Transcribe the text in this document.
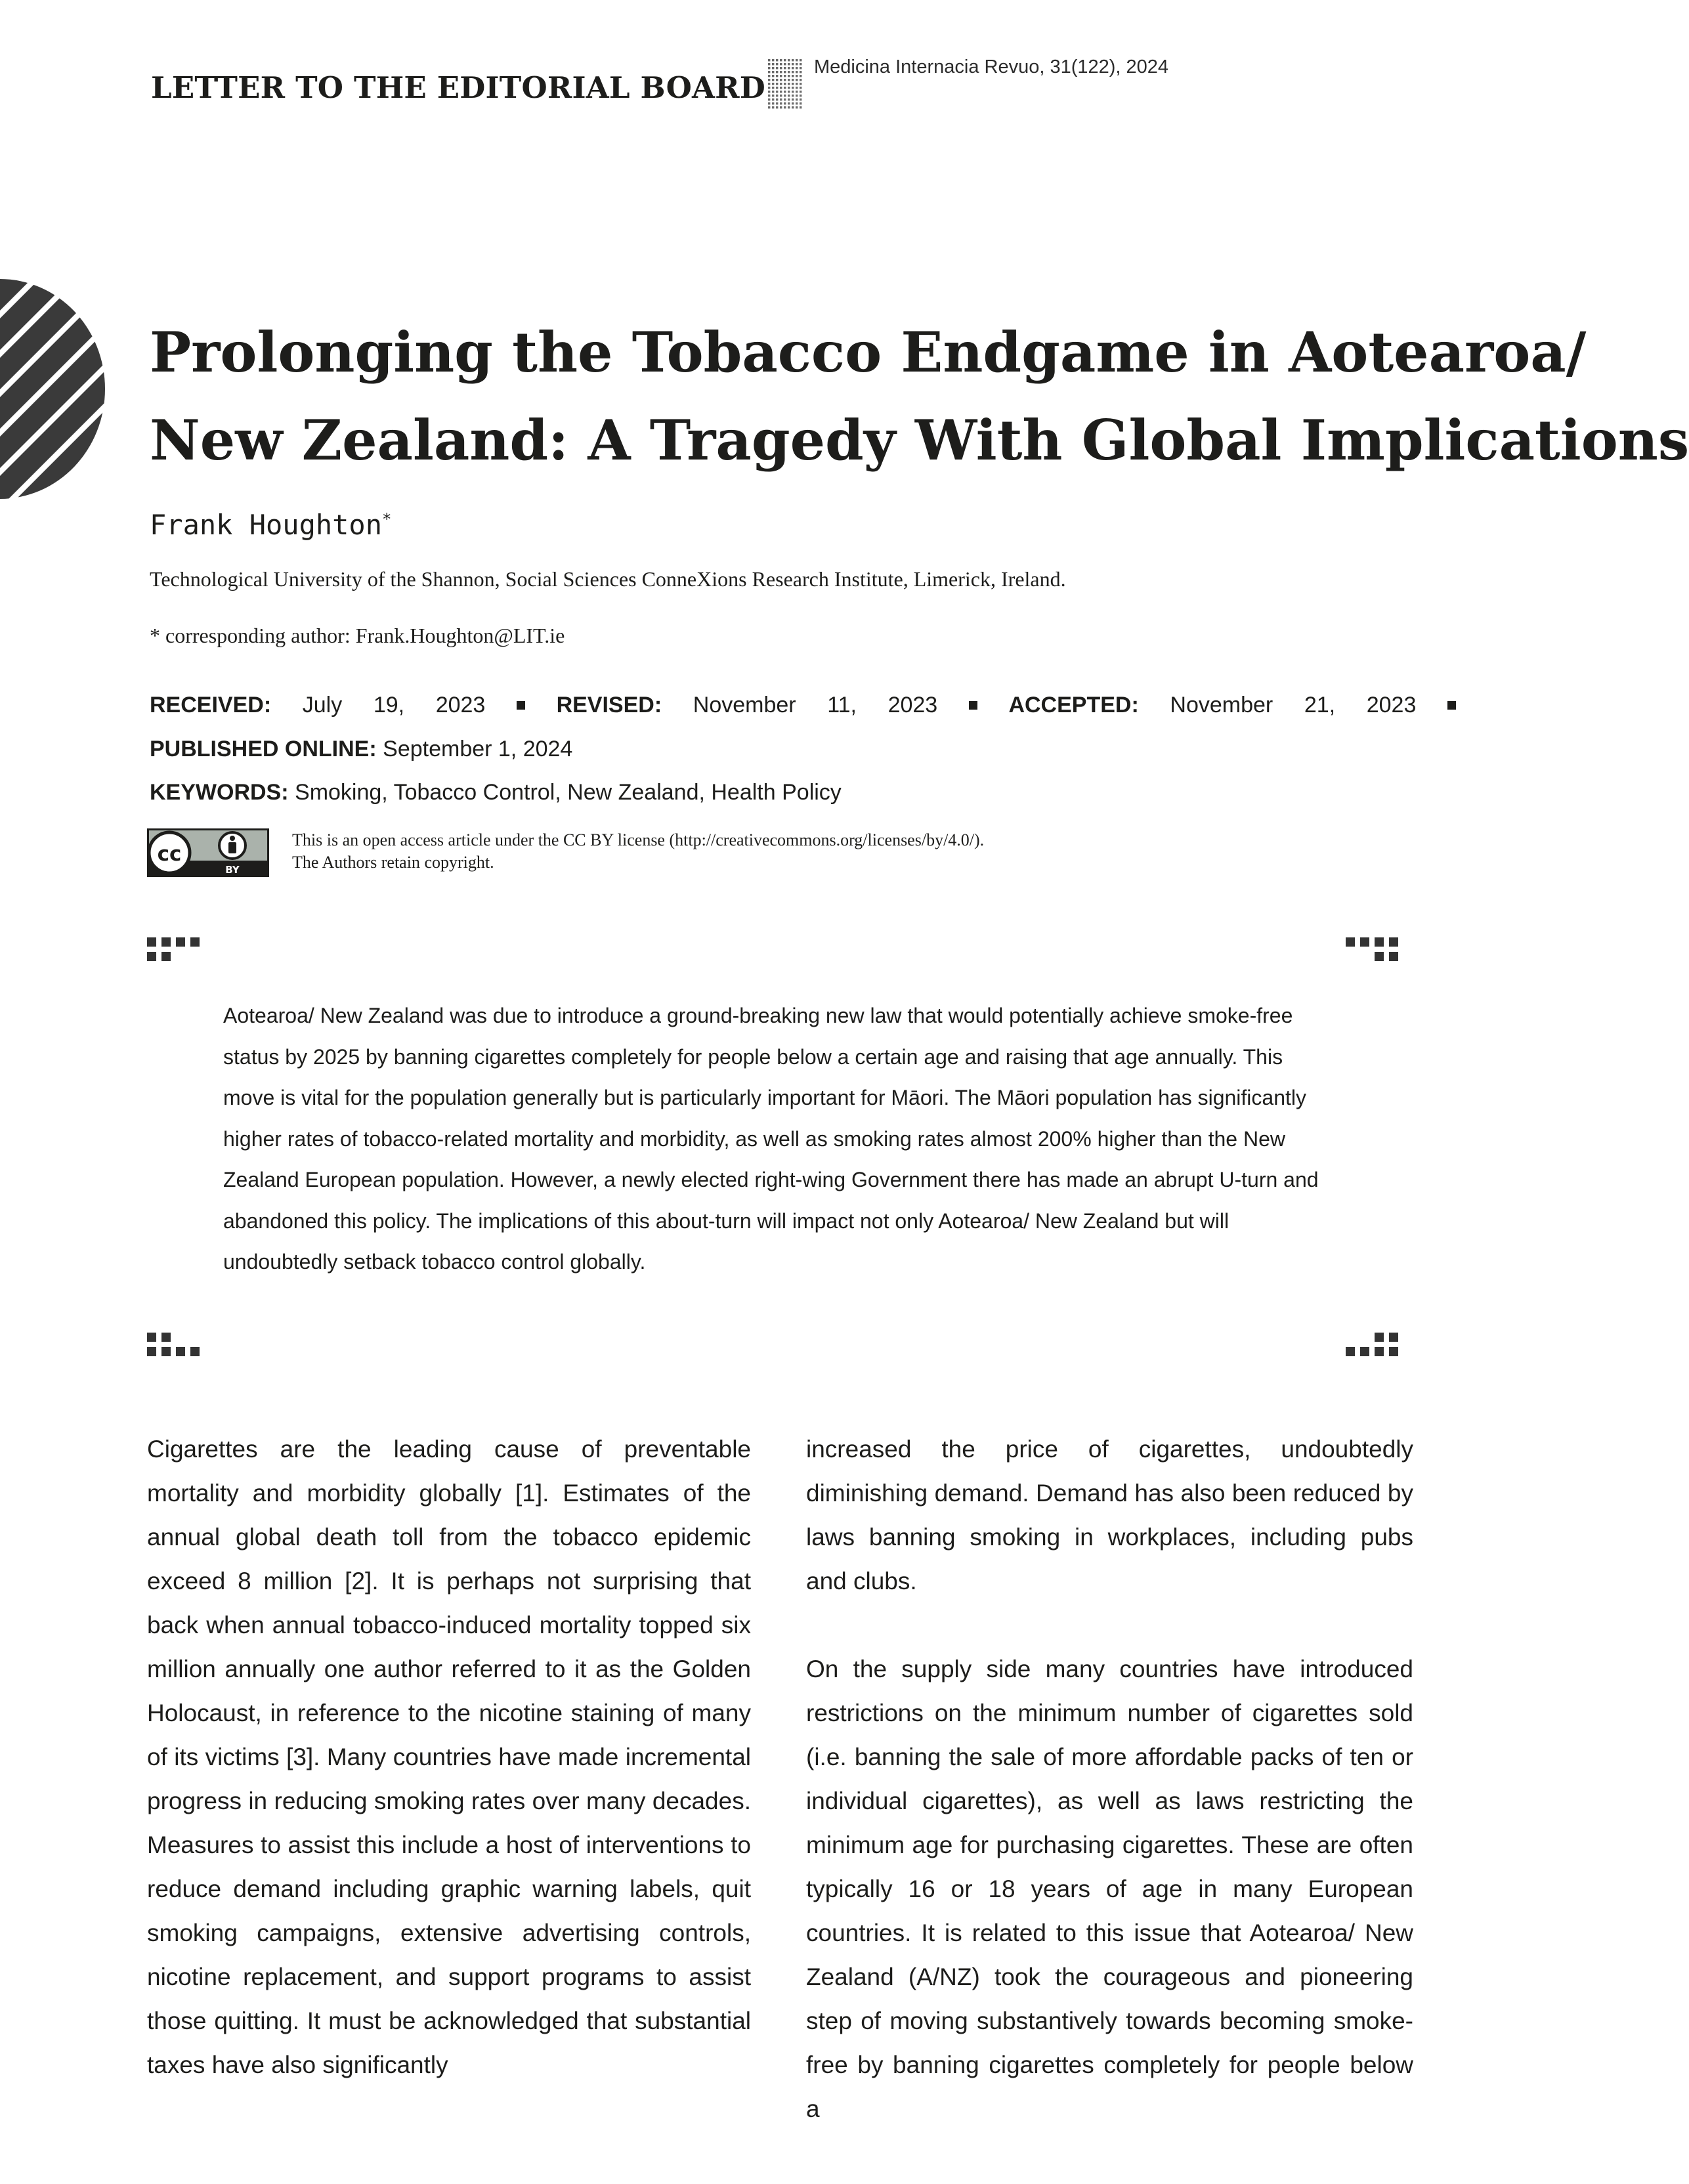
LETTER TO THE EDITORIAL BOARD
Medicina Internacia Revuo, 31(122), 2024
Prolonging the Tobacco Endgame in Aotearoa/
New Zealand: A Tragedy With Global Implications
Frank Houghton*
Technological University of the Shannon, Social Sciences ConneXions Research Institute, Limerick, Ireland.
* corresponding author: Frank.Houghton@LIT.ie
RECEIVED: July 19, 2023	REVISED: November 11, 2023	ACCEPTED: November 21, 2023
PUBLISHED ONLINE: September 1, 2024
KEYWORDS: Smoking, Tobacco Control, New Zealand, Health Policy
cc
BY
This is an open access article under the CC BY license (http://creativecommons.org/licenses/by/4.0/).
The Authors retain copyright.

Aotearoa/ New Zealand was due to introduce a ground-breaking new law that would potentially achieve smoke-free status by 2025 by banning cigarettes completely for people below a certain age and raising that age annually. This move is vital for the population generally but is particularly important for Māori. The Māori population has significantly higher rates of tobacco-related mortality and morbidity, as well as smoking rates almost 200% higher than the New Zealand European population. However, a newly elected right-wing Government there has made an abrupt U-turn and abandoned this policy. The implications of this about-turn will impact not only Aotearoa/ New Zealand but will undoubtedly setback tobacco control globally.

Cigarettes are the leading cause of preventable mortality and morbidity globally [1]. Estimates of the annual global death toll from the tobacco epidemic exceed 8 million [2]. It is perhaps not surprising that back when annual tobacco-induced mortality topped six million annually one author referred to it as the Golden Holocaust, in reference to the nicotine staining of many of its victims [3]. Many countries have made incremental progress in reducing smoking rates over many decades. Measures to assist this include a host of interventions to reduce demand including graphic warning labels, quit smoking campaigns, extensive advertising controls, nicotine replacement, and support programs to assist those quitting. It must be acknowledged that substantial taxes have also significantly

increased the price of cigarettes, undoubtedly diminishing demand. Demand has also been reduced by laws banning smoking in workplaces, including pubs and clubs.

On the supply side many countries have introduced restrictions on the minimum number of cigarettes sold (i.e. banning the sale of more affordable packs of ten or individual cigarettes), as well as laws restricting the minimum age for purchasing cigarettes. These are often typically 16 or 18 years of age in many European countries. It is related to this issue that Aotearoa/ New Zealand (A/NZ) took the courageous and pioneering step of moving substantively towards becoming smoke-free by banning cigarettes completely for people below a
